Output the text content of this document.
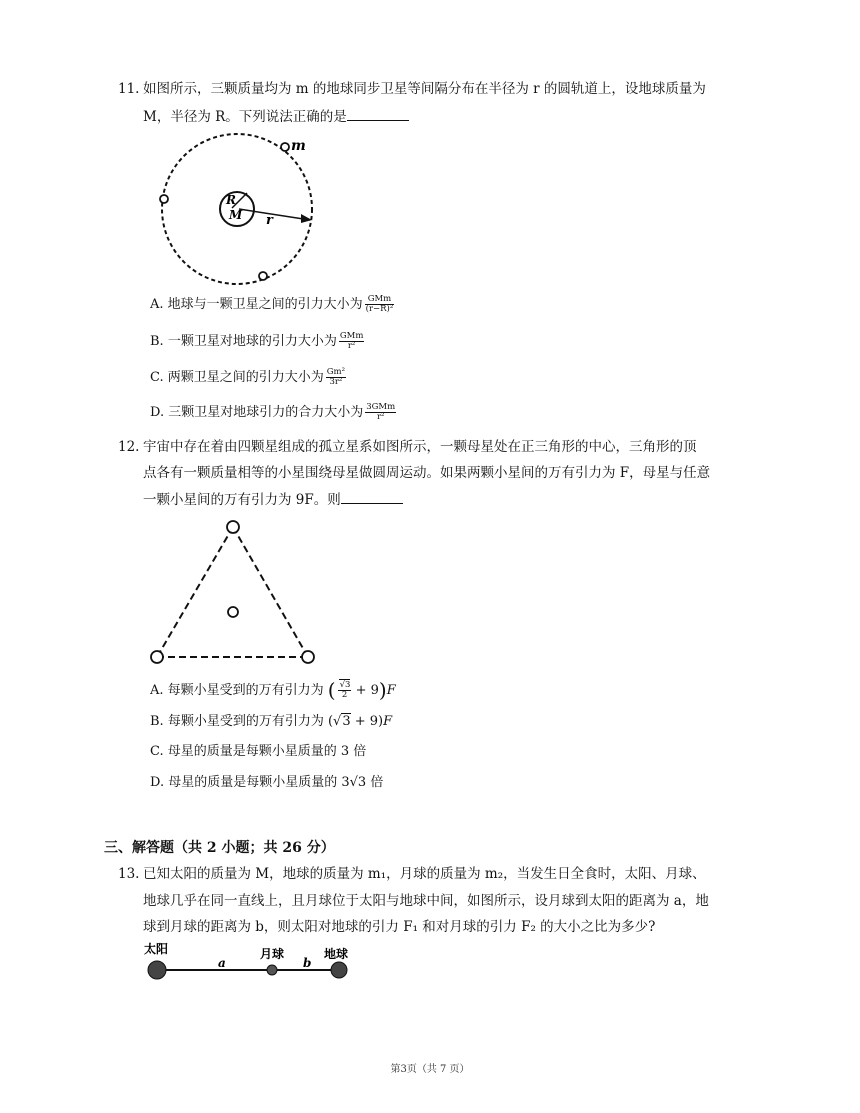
11. 如图所示，三颗质量均为 m 的地球同步卫星等间隔分布在半径为 r 的圆轨道上，设地球质量为
M，半径为 R。下列说法正确的是
m
R
M r
A. 地球与一颗卫星之间的引力大小为 $\frac{\text{GMm}}{\text{(r−R)²}}$
B. 一颗卫星对地球的引力大小为 $\frac{\text{GMm}}{\text{r²}}$
C. 两颗卫星之间的引力大小为 $\frac{\text{Gm²}}{\text{3r²}}$
D. 三颗卫星对地球引力的合力大小为 $\frac{\text{3GMm}}{\text{r²}}$
12. 宇宙中存在着由四颗星组成的孤立星系如图所示，一颗母星处在正三角形的中心，三角形的顶
点各有一颗质量相等的小星围绕母星做圆周运动。如果两颗小星间的万有引力为 F，母星与任意
一颗小星间的万有引力为 9F。则
A. 每颗小星受到的万有引力为 ( $\frac{√3}{2} + 9)F$
B. 每颗小星受到的万有引力为 (√3 + 9)F
C. 母星的质量是每颗小星质量的 3 倍
D. 母星的质量是每颗小星质量的 3√3 倍
三、解答题（共 2 小题；共 26 分）
13. 已知太阳的质量为 M，地球的质量为 m₁，月球的质量为 m₂，当发生日全食时，太阳、月球、
地球几乎在同一直线上，且月球位于太阳与地球中间，如图所示，设月球到太阳的距离为 a，地
球到月球的距离为 b，则太阳对地球的引力 F₁ 和对月球的引力 F₂ 的大小之比为多少?
太阳
a
月球
b
地球
第3页（共 7 页）
